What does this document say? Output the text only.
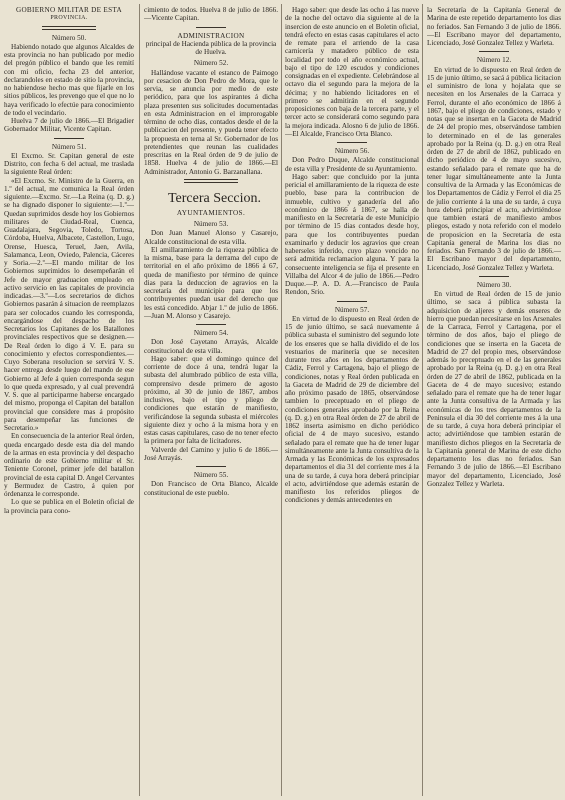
GOBIERNO MILITAR DE ESTA

PROVINCIA.

Número 50.

Habiendo notado que algunos Alcaldes de esta provincia no han publicado por medio del pregón público el bando que les remití con mi oficio, fecha 23 del anterior, declarandoles en estado de sitio la provincia, no habiendose hecho mas que fijarle en los sitios públicos, les prevengo que el que no lo haya verificado lo efectúe para conocimiento de todo el vecindario.

Huelva 7 de julio de 1866.—El Brigadier Gobernador Militar, Vicente Capitan.

Número 51.

El Excmo. Sr. Capitan general de este Distrito, con fecha 6 del actual, me traslada la siguiente Real órden:

«El Excmo. Sr. Ministro de la Guerra, en 1.º del actual, me comunica la Real órden siguiente.—Excmo. Sr.—La Reina (q. D. g.) se ha dignado disponer lo siguiente:—1.º—Quedan suprimidos desde hoy los Gobiernos militares de Ciudad-Real, Cuenca, Guadalajara, Segovia, Toledo, Tortosa, Córdoba, Huelva, Albacete, Castellon, Lugo, Orense, Huesca, Teruel, Jaen, Avila, Salamanca, Leon, Oviedo, Palencia, Cáceres y Soria.—2.º—El mando militar de los Gobiernos suprimidos lo desempeñarán el Jefe de mayor graduacion empleado en activo servicio en las capitales de provincia indicadas.—3.º—Los secretarios de dichos Gobiernos pasarán á situacion de reemplazos para ser colocados cuando les corresponda, encargándose del despacho de los Secretarios los Capitanes de los Batallones provinciales respectivos que se designen.—De Real órden lo digo á V. E. para su conocimiento y efectos correspondientes.—Cuyo Soberana resolucion se servirá V. S. hacer entrega desde luego del mando de ese Gobierno al Jefe á quien corresponda segun lo que queda expresado, y al cual prevendrá V. S. que al participarme haberse encargado del mismo, proponga el Capitan del batallon provincial que considere mas á propósito para desempeñar las funciones de Secretario.»

En consecuencia de la anterior Real órden, queda encargado desde esta dia del mando de la armas en esta provincia y del despacho ordinario de este Gobierno militar el Sr. Teniente Coronel, primer jefe del batallon provincial de esta capital D. Angel Cervantes y Bermudez de Castro, á quien por órdenanza le corresponde.

Lo que se publica en el Boletin oficial de la provincia para cono-

cimiento de todos. Huelva 8 de julio de 1866.—Vicente Capitan.

ADMINISTRACION

principal de Hacienda pública de la provincia de Huelva.

Número 52.

Hallándose vacante el estanco de Paimogo por cesacion de Don Pedro de Mora, que le servia, se anuncia por medio de este periódico, para que los aspirantes á dicha plaza presenten sus solicitudes documentadas en esta Administracion en el improrogable término de ocho dias, contados desde el de la publicacion del presente, y pueda tener efecto la propuesta en terna al Sr. Gobernador de los pretendientes que reunan las cualidades prescritas en la Real órden de 9 de julio de 1858. Huelva 4 de julio de 1866.—El Administrador, Antonio G. Barzanallana.

Tercera Seccion.

AYUNTAMIENTOS.

Número 53.

Don Juan Manuel Alonso y Casarejo, Alcalde constitucional de esta villa.

El amillaramiento de la riqueza pública de la misma, base para la derrama del cupo de territorial en el año próximo de 1866 á 67, queda de manifiesto por término de quince dias para la deduccion de agravios en la secretaría del municipio para que los contribuyentes puedan usar del derecho que les está concedido. Abjar 1.º de julio de 1866.—Juan M. Alonso y Casarejo.

Número 54.

Don José Cayetano Arrayás, Alcalde constitucional de esta villa.

Hago saber: que el domingo quince del corriente de doce á una, tendrá lugar la subasta del alumbrado público de esta villa, comprensivo desde primero de agosto próximo, al 30 de junio de 1867, ambos inclusives, bajo el tipo y pliego de condiciones que estarán de manifiesto, verificándose la segunda subasta el miércoles siguiente diez y ocho á la misma hora y en estas casas capitulares, caso de no tener efecto la primera por falta de licitadores.

Valverde del Camino y julio 6 de 1866.—José Arrayás.

Número 55.

Don Francisco de Orta Blanco, Alcalde constitucional de este pueblo.

Hago saber: que desde las ocho á las nueve de la noche del octavo dia siguiente al de la insercion de este anuncio en el Boletin oficial, tendrá efecto en estas casas capitulares el acto de remate para el arriendo de la casa carnicería y matadero público de esta localidad por todo el año económico actual, bajo el tipo de 120 escudos y condiciones consignadas en el expediente. Celebrándose al octavo dia el segundo para la mejora de la décima; y no habiendo licitadores en el primero se admitirán en el segundo proposiciones con baja de la tercera parte, y el tercer acto se considerará como segundo para la mejora indicada. Alosno 6 de julio de 1866.—El Alcalde, Francisco Orta Blanco.

Número 56.

Don Pedro Duque, Alcalde constitucional de esta villa y Presidente de su Ayuntamiento.

Hago saber: que concluido por la junta pericial el amillaramiento de la riqueza de este pueblo, base para la contribucion de inmueble, cultivo y ganadería del año económico de 1866 á 1867, se halla de manifiesto en la Secretaría de este Municipio por término de 15 dias contados desde hoy, para que los contribuyentes puedan examinarlo y deducir los agravios que crean haberseles inferido, cuyo plazo vencido no será admitida reclamacion alguna. Y para la consecuente inteligencia se fija el presente en Villalba del Alcor 4 de julio de 1866.—Pedro Duque.—P. A. D. A.—Francisco de Paula Rendon, Srio.

Número 57.

En virtud de lo dispuesto en Real órden de 15 de junio último, se sacá nuevamente á pública subasta el suministro del segundo lote de los enseres que se halla dividido el de los vestuarios de marinería que se necesiten durante tres años en los departamentos de Cádiz, Ferrol y Cartagena, bajo el pliego de condiciones, notas y Real órden publicada en la Gaceta de Madrid de 29 de diciembre del año próximo pasado de 1865, observándose tambien lo preceptuado en el pliego de condiciones generales aprobado por la Reina (q. D. g.) en otra Real órden de 27 de abril de 1862 inserta asimismo en dicho periódico oficial de 4 de mayo sucesivo, estando señalado para el remate que ha de tener lugar simultáneamente ante la Junta consultiva de la Armada y las Económicas de los expresados departamentos el dia 31 del corriente mes á la una de su tarde, á cuya hora deberá principiar el acto, advirtiéndose que además estarán de manifiesto los referidos pliegos de condiciones y demás antecedentes en

la Secretaría de la Capitanía General de Marina de este repetido departamento los dias no feriados. San Fernando 3 de julio de 1866.—El Escribano mayor del departamento, Licenciado, José Gonzalez Tellez y Warleta.

Número 12.

En virtud de lo dispuesto en Real órden de 15 de junio último, se sacá á pública licitacion el suministro de lona y hojalata que se necesiten en los Arsenales de la Carraca y Ferrol, durante el año económico de 1866 á 1867, bajo el pliego de condiciones, estado y notas que se insertan en la Gaceta de Madrid de 24 del propio mes, observándose tambien lo determinado en el de las generales aprobado por la Reina (q. D. g.) en otra Real órden de 27 de abril de 1862, publicado en dicho periódico de 4 de mayo sucesivo, estando señalado para el remate que ha de tener lugar simultáneamente ante la Junta consultiva de la Armada y las Económicas de los Departamentos de Cádiz y Ferrol el dia 25 de julio corriente á la una de su tarde, á cuya hora deberá principiar el acto, advirtiéndose que tambien estará de manifiesto ambos pliegos, estado y nota referido con el modelo de proposicion en la Secretaría de esta Capitanía general de Marina los dias no feriados. San Fernando 3 de julio de 1866.—El Escribano mayor del departamento, Licenciado, José Gonzalez Tellez y Warleta.

Número 30.

En virtud de Real órden de 15 de junio último, se saca á pública subasta la adquisicion de aljeres y demás enseres de hierro que puedan necesitarse en los Arsenales de la Carraca, Ferrol y Cartagena, por el término de dos años, bajo el pliego de condiciones que se inserta en la Gaceta de Madrid de 27 del propio mes, observándose además lo preceptuado en el de las generales aprobado por la Reina (q. D. g.) en otra Real órden de 27 de abril de 1862, publicada en la Gaceta de 4 de mayo sucesivo; estando señalado para el remate que ha de tener lugar ante la Junta consultiva de la Armada y las económicas de los tres departamentos de la Peninsula el dia 30 del corriente mes á la una de su tarde, á cuya hora deberá principiar el acto; advirtiéndose que tambien estarán de manifiesto dichos pliegos en la Secretaría de la Capitanía general de Marina de este dicho departamento los dias no feriados. San Fernando 3 de julio de 1866.—El Escribano mayor del departamento, Licenciado, José Gonzalez Tellez y Warleta.
